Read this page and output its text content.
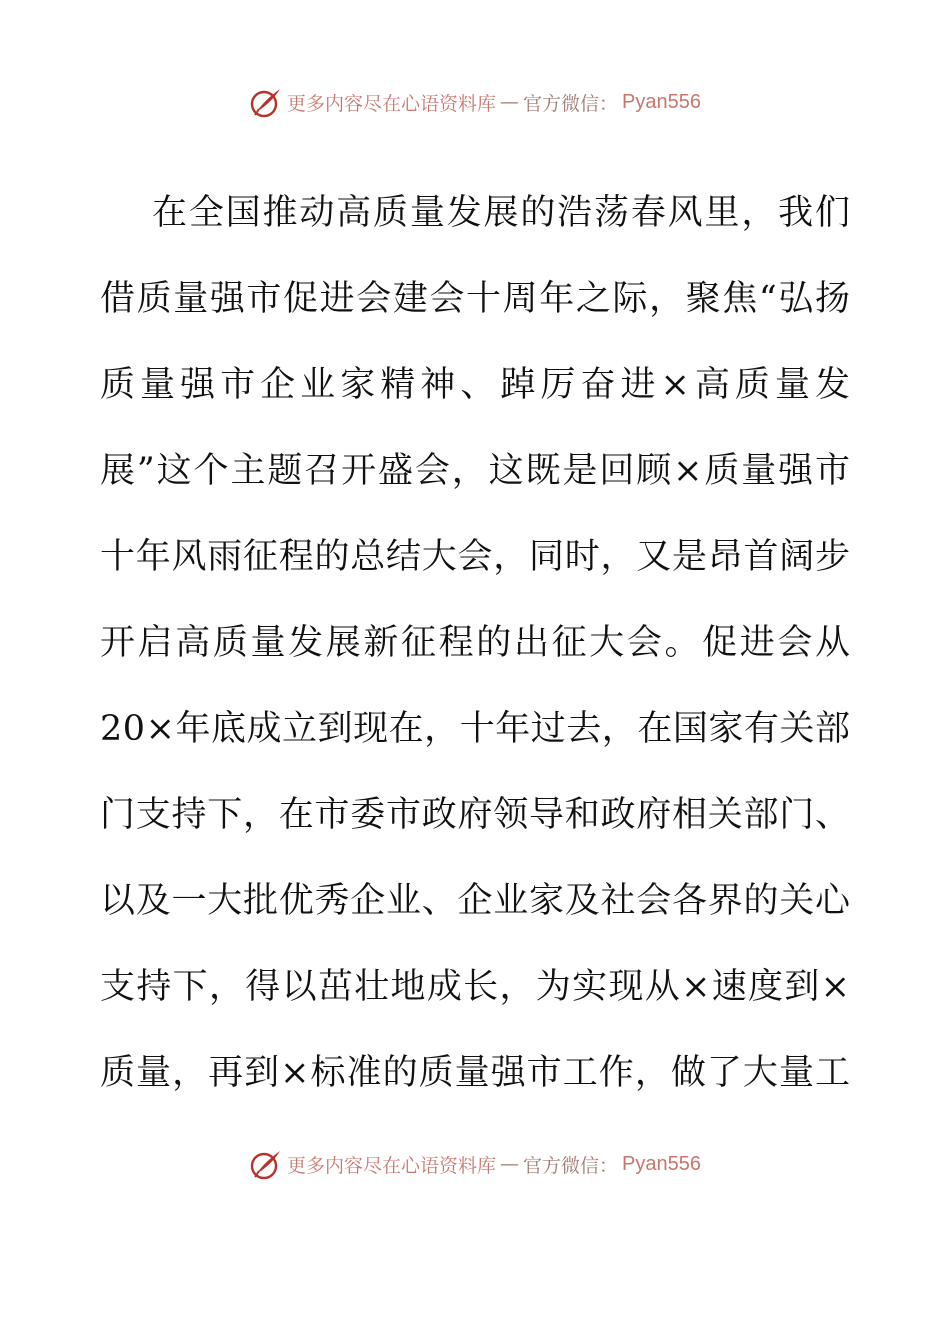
更多内容尽在心语资料库 — 官方微信： Pyan556
在全国推动高质量发展的浩荡春风里，我们
借质量强市促进会建会十周年之际，聚焦“弘扬
质量强市企业家精神、踔厉奋进×高质量发
展”这个主题召开盛会，这既是回顾×质量强市
十年风雨征程的总结大会，同时，又是昂首阔步
开启高质量发展新征程的出征大会。促进会从
20×年底成立到现在，十年过去，在国家有关部
门支持下，在市委市政府领导和政府相关部门、
以及一大批优秀企业、企业家及社会各界的关心
支持下，得以茁壮地成长，为实现从×速度到×
质量，再到×标准的质量强市工作，做了大量工
更多内容尽在心语资料库 — 官方微信： Pyan556
